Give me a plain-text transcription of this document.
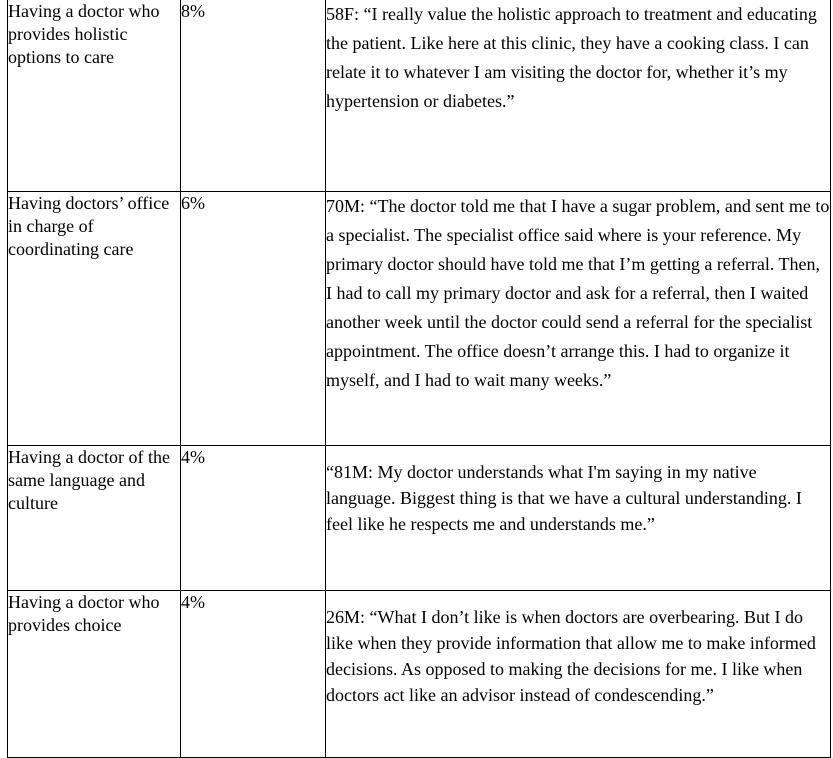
Having a doctor who provides holistic options to care	8%	58F: “I really value the holistic approach to treatment and educating the patient. Like here at this clinic, they have a cooking class. I can relate it to whatever I am visiting the doctor for, whether it’s my hypertension or diabetes.”
Having doctors’ office in charge of coordinating care	6%	70M: “The doctor told me that I have a sugar problem, and sent me to a specialist. The specialist office said where is your reference. My primary doctor should have told me that I’m getting a referral. Then, I had to call my primary doctor and ask for a referral, then I waited another week until the doctor could send a referral for the specialist appointment. The office doesn’t arrange this. I had to organize it myself, and I had to wait many weeks.”
Having a doctor of the same language and culture	4%	“81M: My doctor understands what I'm saying in my native language. Biggest thing is that we have a cultural understanding. I feel like he respects me and understands me.”
Having a doctor who provides choice	4%	26M: “What I don’t like is when doctors are overbearing. But I do like when they provide information that allow me to make informed decisions. As opposed to making the decisions for me. I like when doctors act like an advisor instead of condescending.”
